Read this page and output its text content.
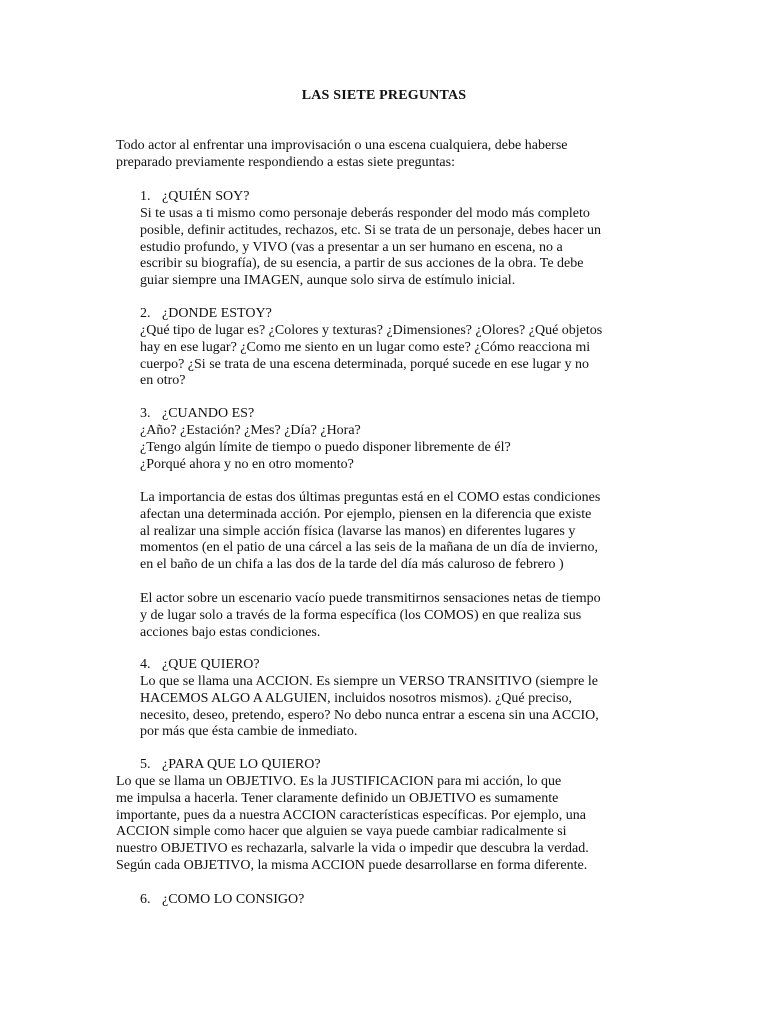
LAS SIETE PREGUNTAS

Todo actor al enfrentar una improvisación o una escena cualquiera, debe haberse
preparado previamente respondiendo a estas siete preguntas:

1. ¿QUIÉN SOY?

Si te usas a ti mismo como personaje deberás responder del modo más completo
posible, definir actitudes, rechazos, etc. Si se trata de un personaje, debes hacer un
estudio profundo, y VIVO (vas a presentar a un ser humano en escena, no a
escribir su biografía), de su esencia, a partir de sus acciones de la obra. Te debe
guiar siempre una IMAGEN, aunque solo sirva de estímulo inicial.

2. ¿DONDE ESTOY?

¿Qué tipo de lugar es? ¿Colores y texturas? ¿Dimensiones? ¿Olores? ¿Qué objetos
hay en ese lugar? ¿Como me siento en un lugar como este? ¿Cómo reacciona mi
cuerpo? ¿Si se trata de una escena determinada, porqué sucede en ese lugar y no
en otro?

3. ¿CUANDO ES?

¿Año? ¿Estación? ¿Mes? ¿Día? ¿Hora?
¿Tengo algún límite de tiempo o puedo disponer libremente de él?
¿Porqué ahora y no en otro momento?

La importancia de estas dos últimas preguntas está en el COMO estas condiciones
afectan una determinada acción. Por ejemplo, piensen en la diferencia que existe
al realizar una simple acción física (lavarse las manos) en diferentes lugares y
momentos (en el patio de una cárcel a las seis de la mañana de un día de invierno,
en el baño de un chifa a las dos de la tarde del día más caluroso de febrero )

El actor sobre un escenario vacío puede transmitirnos sensaciones netas de tiempo
y de lugar solo a través de la forma específica (los COMOS) en que realiza sus
acciones bajo estas condiciones.

4. ¿QUE QUIERO?

Lo que se llama una ACCION. Es siempre un VERSO TRANSITIVO (siempre le
HACEMOS ALGO A ALGUIEN, incluidos nosotros mismos). ¿Qué preciso,
necesito, deseo, pretendo, espero? No debo nunca entrar a escena sin una ACCIO,
por más que ésta cambie de inmediato.

5. ¿PARA QUE LO QUIERO?

Lo que se llama un OBJETIVO. Es la JUSTIFICACION para mi acción, lo que
me impulsa a hacerla. Tener claramente definido un OBJETIVO es sumamente
importante, pues da a nuestra ACCION características específicas. Por ejemplo, una
ACCION simple como hacer que alguien se vaya puede cambiar radicalmente si
nuestro OBJETIVO es rechazarla, salvarle la vida o impedir que descubra la verdad.
Según cada OBJETIVO, la misma ACCION puede desarrollarse en forma diferente.

6. ¿COMO LO CONSIGO?
